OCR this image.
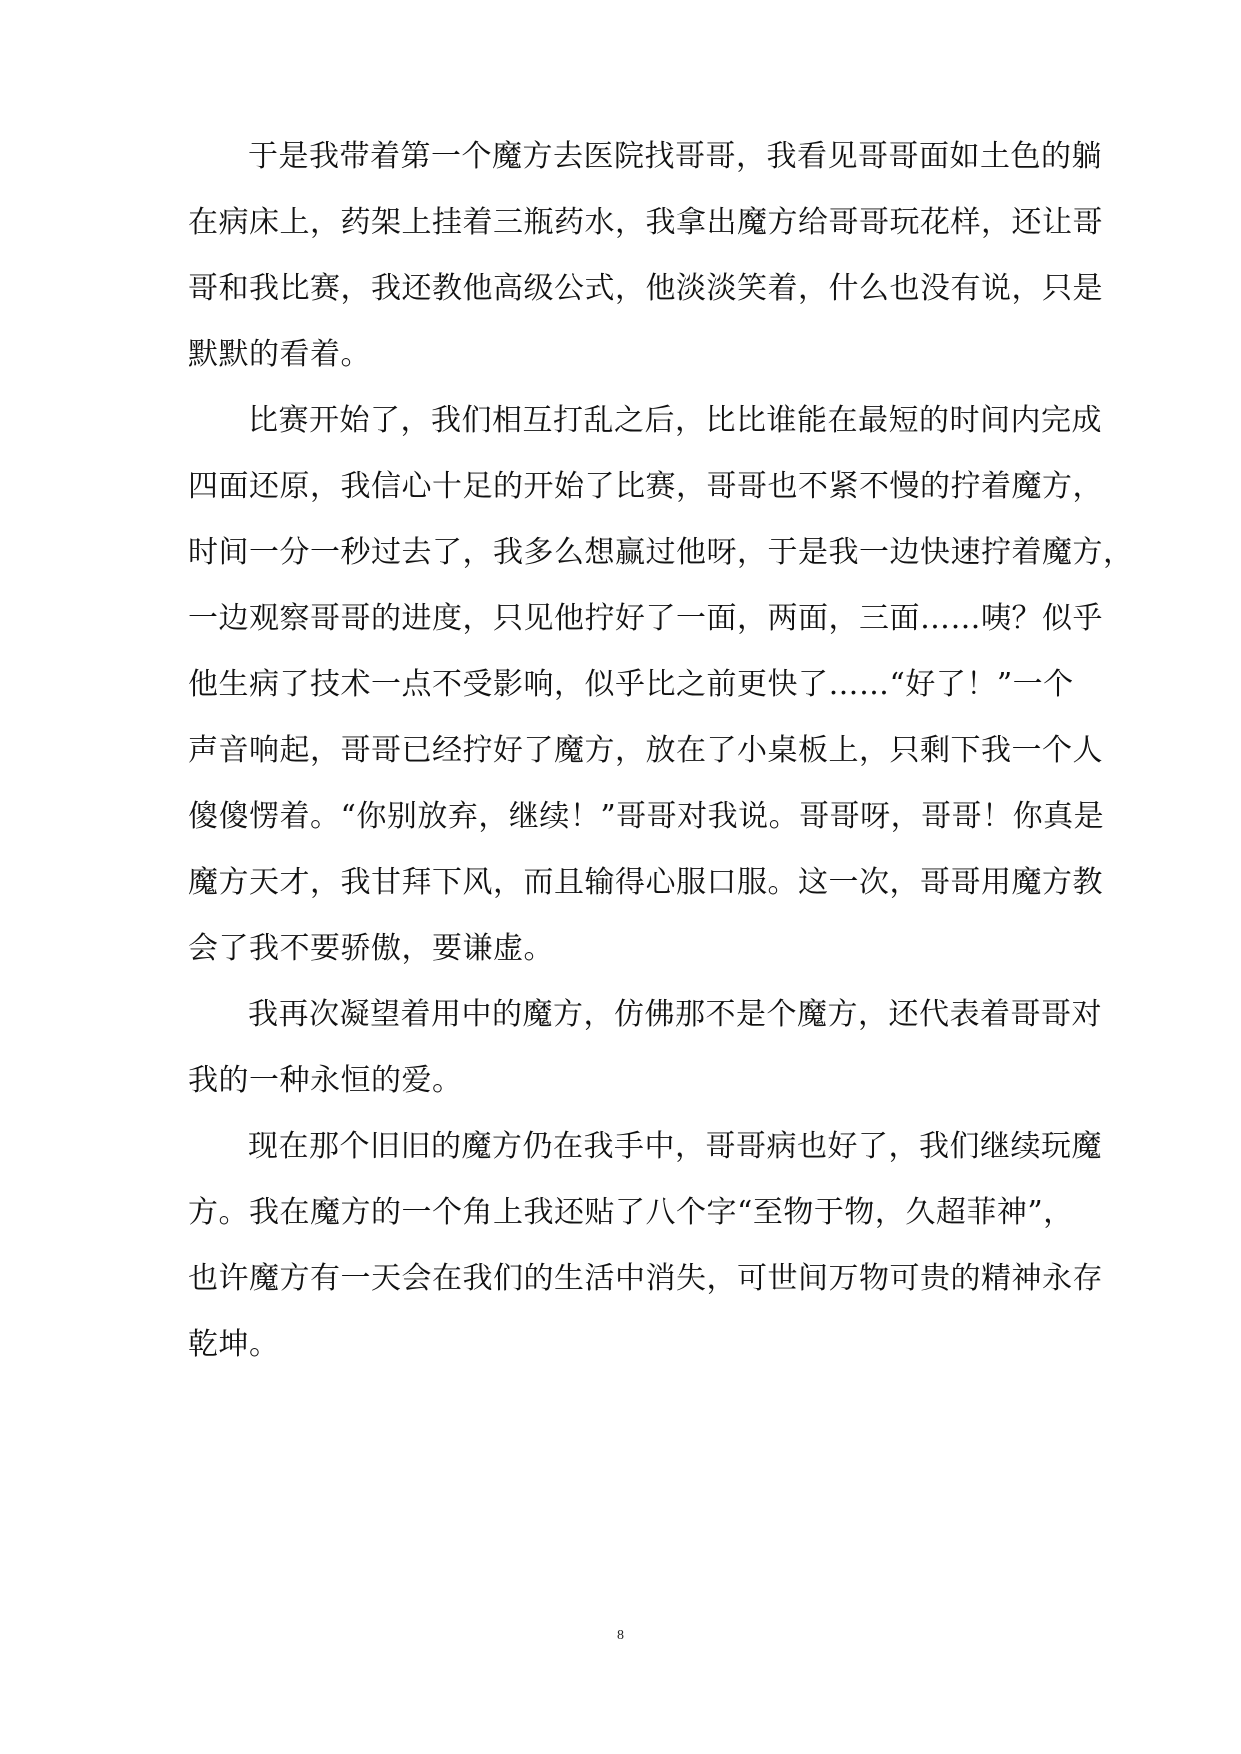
于是我带着第一个魔方去医院找哥哥，我看见哥哥面如土色的躺
在病床上，药架上挂着三瓶药水，我拿出魔方给哥哥玩花样，还让哥
哥和我比赛，我还教他高级公式，他淡淡笑着，什么也没有说，只是
默默的看着。
比赛开始了，我们相互打乱之后，比比谁能在最短的时间内完成
四面还原，我信心十足的开始了比赛，哥哥也不紧不慢的拧着魔方，
时间一分一秒过去了，我多么想赢过他呀，于是我一边快速拧着魔方，
一边观察哥哥的进度，只见他拧好了一面，两面，三面……咦？似乎
他生病了技术一点不受影响，似乎比之前更快了……“好了！”一个
声音响起，哥哥已经拧好了魔方，放在了小桌板上，只剩下我一个人
傻傻愣着。“你别放弃，继续！”哥哥对我说。哥哥呀，哥哥！你真是
魔方天才，我甘拜下风，而且输得心服口服。这一次，哥哥用魔方教
会了我不要骄傲，要谦虚。
我再次凝望着用中的魔方，仿佛那不是个魔方，还代表着哥哥对
我的一种永恒的爱。
现在那个旧旧的魔方仍在我手中，哥哥病也好了，我们继续玩魔
方。我在魔方的一个角上我还贴了八个字“至物于物，久超菲神”，
也许魔方有一天会在我们的生活中消失，可世间万物可贵的精神永存
乾坤。
8
